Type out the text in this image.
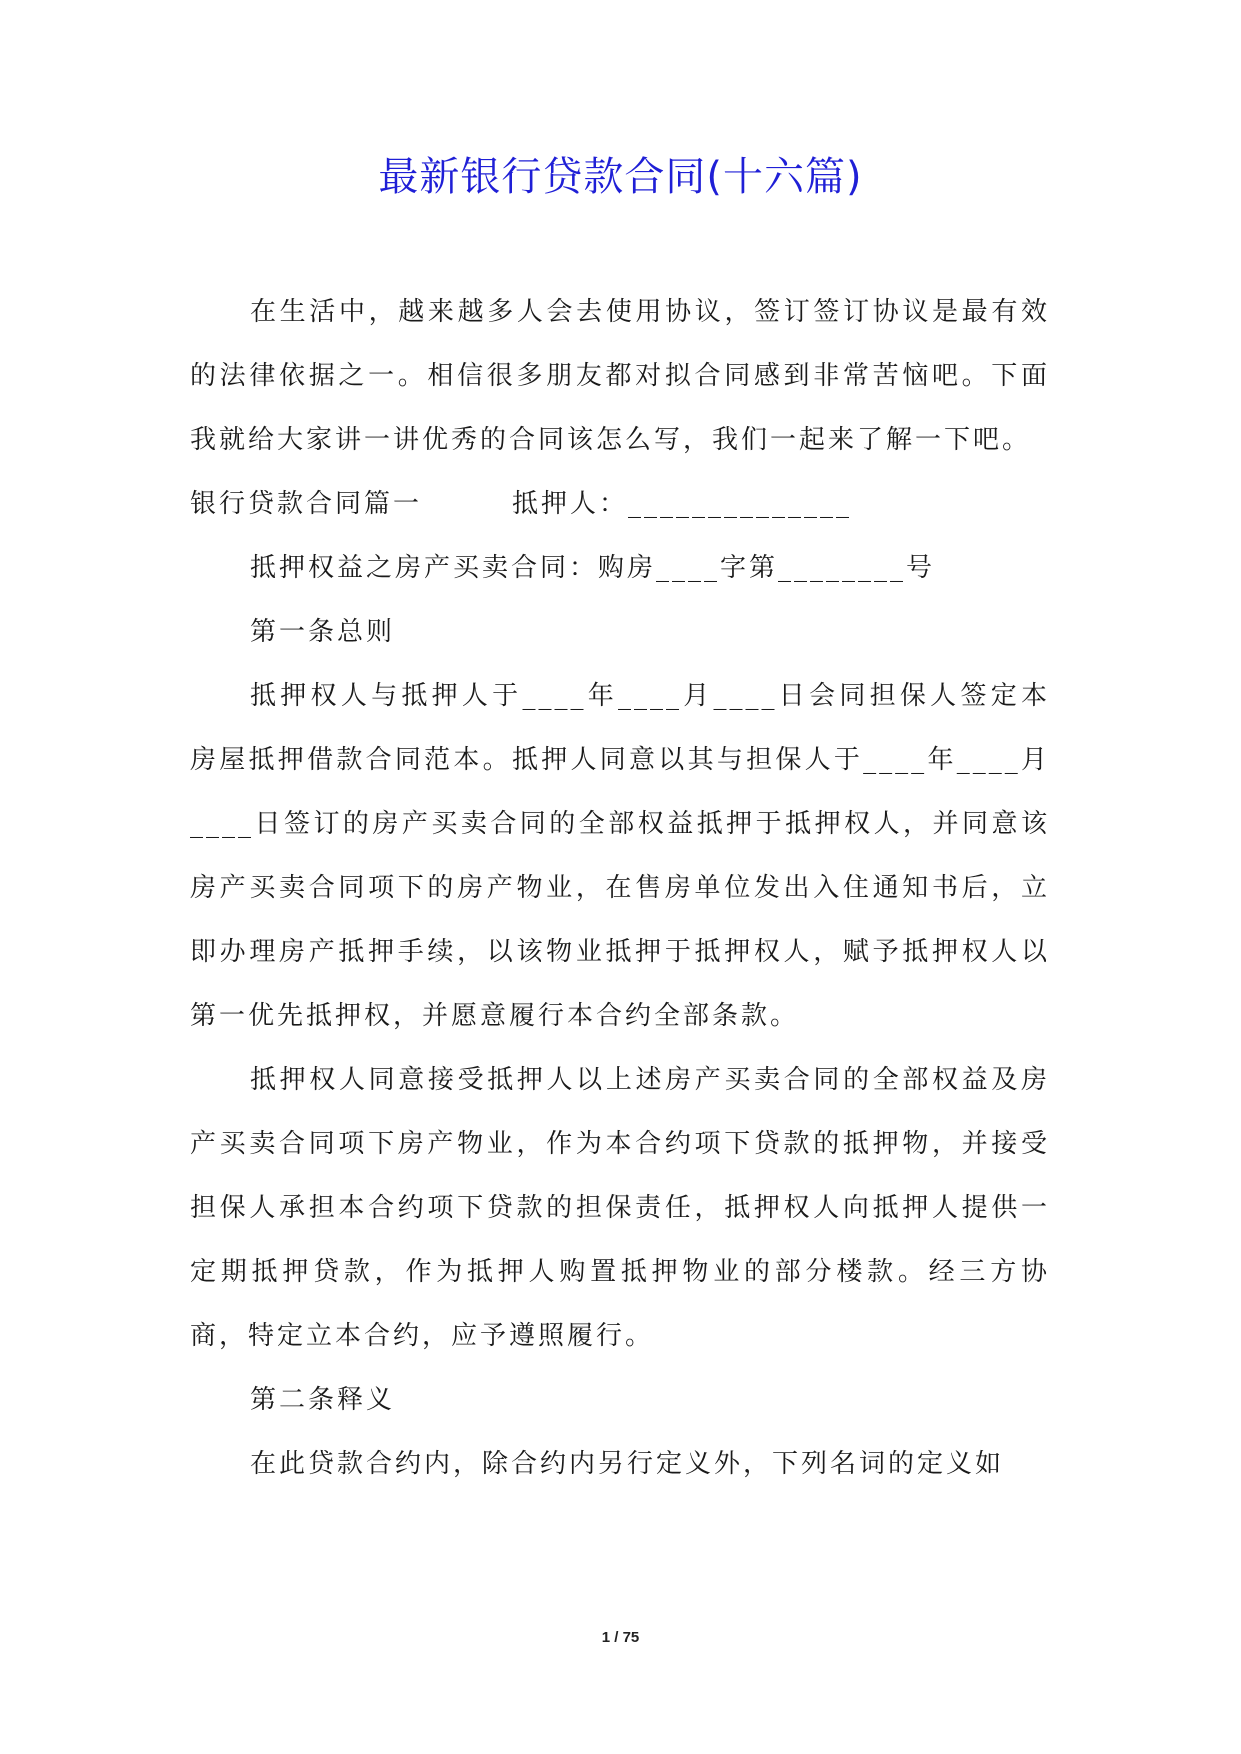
最新银行贷款合同(十六篇)

在生活中，越来越多人会去使用协议，签订签订协议是最有效的法律依据之一。相信很多朋友都对拟合同感到非常苦恼吧。下面我就给大家讲一讲优秀的合同该怎么写，我们一起来了解一下吧。

银行贷款合同篇一	抵押人：______________

抵押权益之房产买卖合同：购房____字第________号

第一条总则

抵押权人与抵押人于____年____月____日会同担保人签定本房屋抵押借款合同范本。抵押人同意以其与担保人于____年____月____日签订的房产买卖合同的全部权益抵押于抵押权人，并同意该房产买卖合同项下的房产物业，在售房单位发出入住通知书后，立即办理房产抵押手续，以该物业抵押于抵押权人，赋予抵押权人以第一优先抵押权，并愿意履行本合约全部条款。

抵押权人同意接受抵押人以上述房产买卖合同的全部权益及房产买卖合同项下房产物业，作为本合约项下贷款的抵押物，并接受担保人承担本合约项下贷款的担保责任，抵押权人向抵押人提供一定期抵押贷款，作为抵押人购置抵押物业的部分楼款。经三方协商，特定立本合约，应予遵照履行。

第二条释义

在此贷款合约内，除合约内另行定义外，下列名词的定义如

1 / 75
